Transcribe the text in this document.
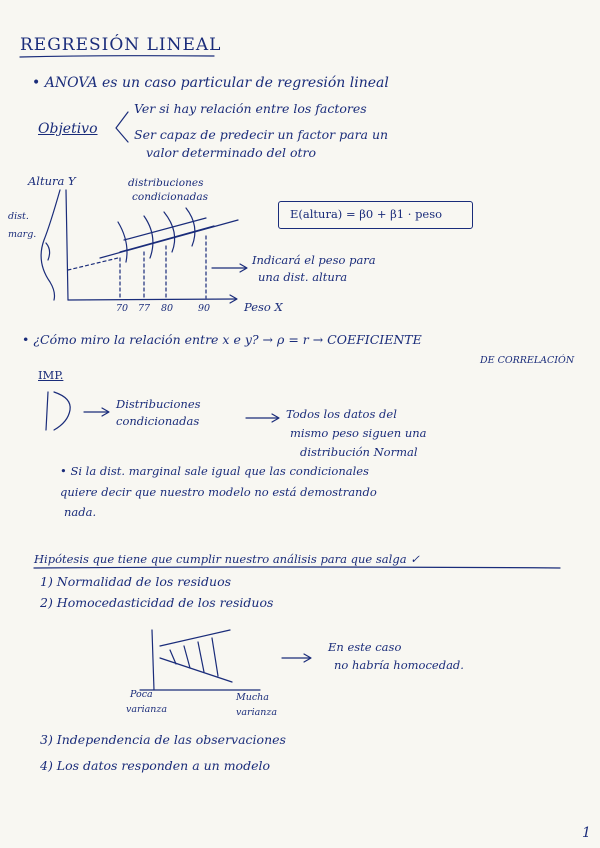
REGRESIÓN LINEAL
• ANOVA es un caso particular de regresión lineal
Objetivo
Ver si hay relación entre los factores
Ser capaz de predecir un factor para un
valor determinado del otro
Altura Y
dist.
marg.
distribuciones
condicionadas
70 77 80	90	Peso X
Indicará el peso para
una dist. altura
E(altura) = β0 + β1 · peso
• ¿Cómo miro la relación entre x e y? → ρ = r → COEFICIENTE
DE CORRELACIÓN
IMP.
Distribuciones
condicionadas	Todos los datos del
mismo peso siguen una
distribución Normal
• Si la dist. marginal sale igual que las condicionales
quiere decir que nuestro modelo no está demostrando
nada.
Hipótesis que tiene que cumplir nuestro análisis para que salga ✓
1) Normalidad de los residuos
2) Homocedasticidad de los residuos
En este caso
no habría homocedad.
Poca
varianza
Mucha
varianza
3) Independencia de las observaciones
4) Los datos responden a un modelo
1
